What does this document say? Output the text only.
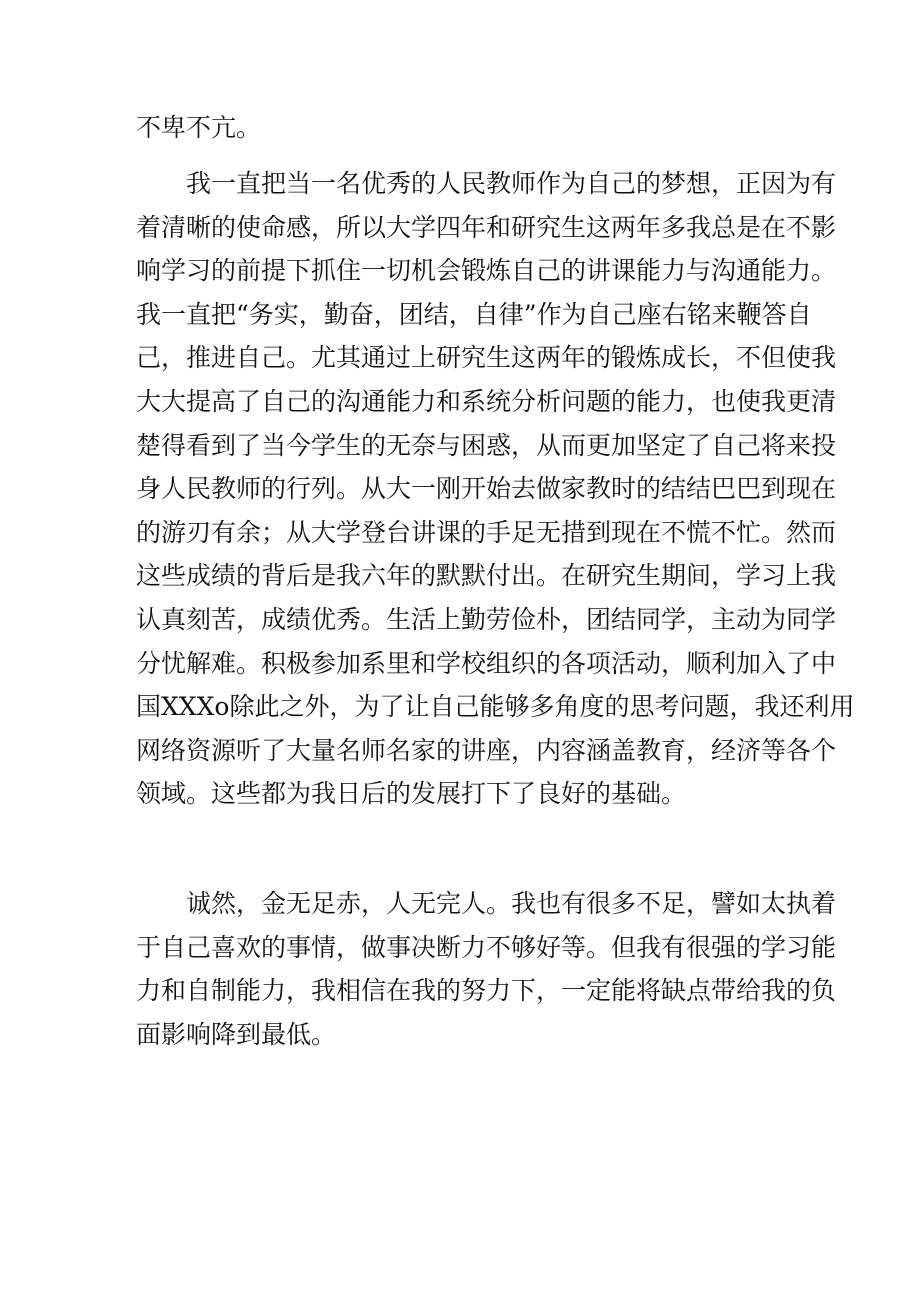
不卑不亢。
我一直把当一名优秀的人民教师作为自己的梦想，正因为有
着清晰的使命感，所以大学四年和研究生这两年多我总是在不影
响学习的前提下抓住一切机会锻炼自己的讲课能力与沟通能力。
我一直把“务实，勤奋，团结，自律”作为自己座右铭来鞭答自
己，推进自己。尤其通过上研究生这两年的锻炼成长，不但使我
大大提高了自己的沟通能力和系统分析问题的能力，也使我更清
楚得看到了当今学生的无奈与困惑，从而更加坚定了自己将来投
身人民教师的行列。从大一刚开始去做家教时的结结巴巴到现在
的游刃有余；从大学登台讲课的手足无措到现在不慌不忙。然而
这些成绩的背后是我六年的默默付出。在研究生期间，学习上我
认真刻苦，成绩优秀。生活上勤劳俭朴，团结同学，主动为同学
分忧解难。积极参加系里和学校组织的各项活动，顺利加入了中
国XXXo除此之外，为了让自己能够多角度的思考问题，我还利用
网络资源听了大量名师名家的讲座，内容涵盖教育，经济等各个
领域。这些都为我日后的发展打下了良好的基础。
诚然，金无足赤，人无完人。我也有很多不足，譬如太执着
于自己喜欢的事情，做事决断力不够好等。但我有很强的学习能
力和自制能力，我相信在我的努力下，一定能将缺点带给我的负
面影响降到最低。
